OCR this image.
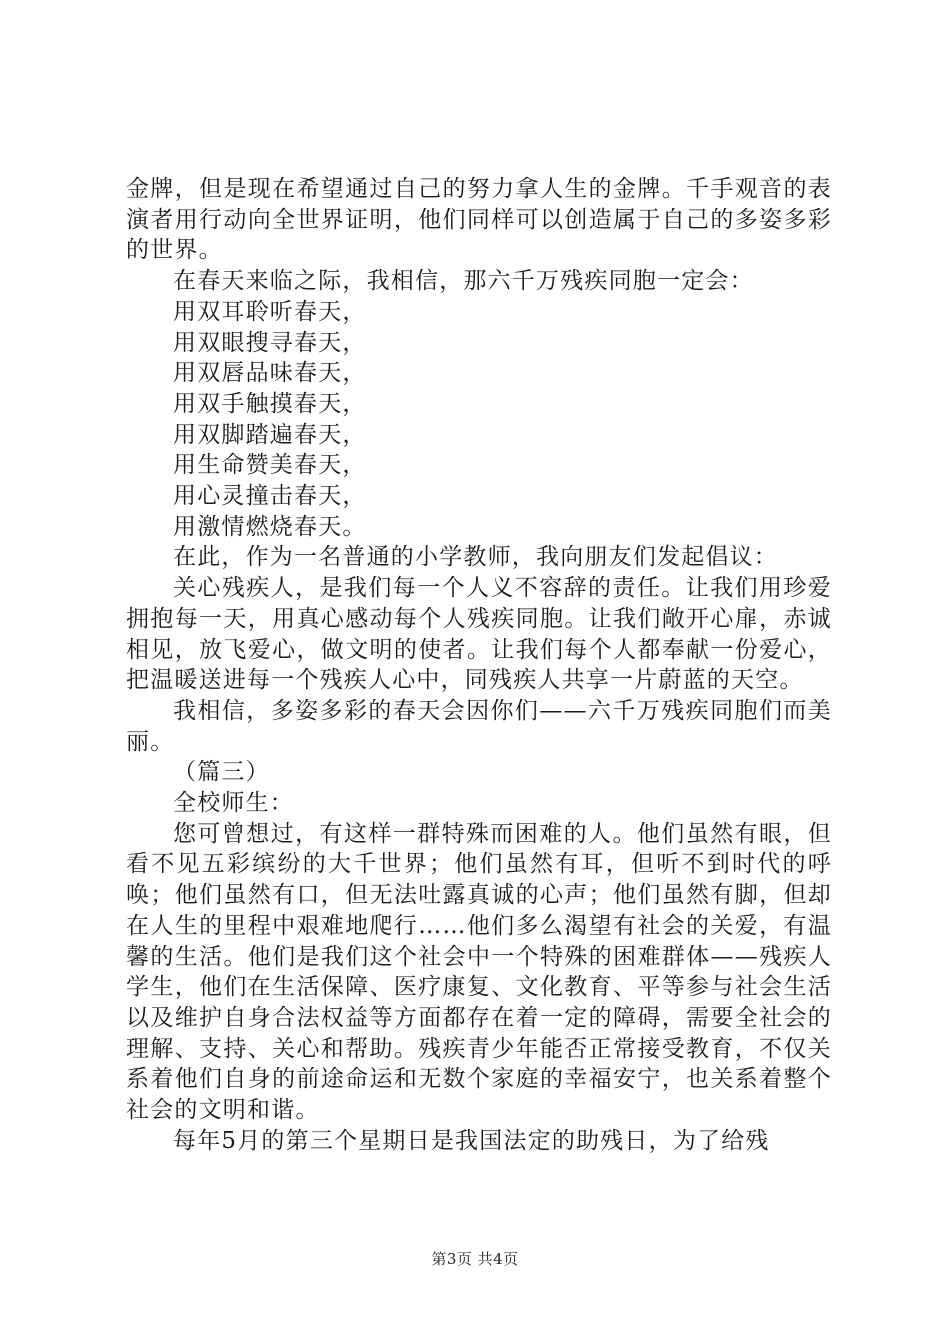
金牌，但是现在希望通过自己的努力拿人生的金牌。千手观音的表演者用行动向全世界证明，他们同样可以创造属于自己的多姿多彩的世界。

在春天来临之际，我相信，那六千万残疾同胞一定会：

用双耳聆听春天，

用双眼搜寻春天，

用双唇品味春天，

用双手触摸春天，

用双脚踏遍春天，

用生命赞美春天，

用心灵撞击春天，

用激情燃烧春天。

在此，作为一名普通的小学教师，我向朋友们发起倡议：

关心残疾人，是我们每一个人义不容辞的责任。让我们用珍爱拥抱每一天，用真心感动每个人残疾同胞。让我们敞开心扉，赤诚相见，放飞爱心，做文明的使者。让我们每个人都奉献一份爱心，把温暖送进每一个残疾人心中，同残疾人共享一片蔚蓝的天空。

我相信，多姿多彩的春天会因你们——六千万残疾同胞们而美丽。

（篇三）

全校师生：

您可曾想过，有这样一群特殊而困难的人。他们虽然有眼，但看不见五彩缤纷的大千世界；他们虽然有耳，但听不到时代的呼唤；他们虽然有口，但无法吐露真诚的心声；他们虽然有脚，但却在人生的里程中艰难地爬行……他们多么渴望有社会的关爱，有温馨的生活。他们是我们这个社会中一个特殊的困难群体——残疾人学生，他们在生活保障、医疗康复、文化教育、平等参与社会生活以及维护自身合法权益等方面都存在着一定的障碍，需要全社会的理解、支持、关心和帮助。残疾青少年能否正常接受教育，不仅关系着他们自身的前途命运和无数个家庭的幸福安宁，也关系着整个社会的文明和谐。

每年5月的第三个星期日是我国法定的助残日，为了给残

第3页 共4页
